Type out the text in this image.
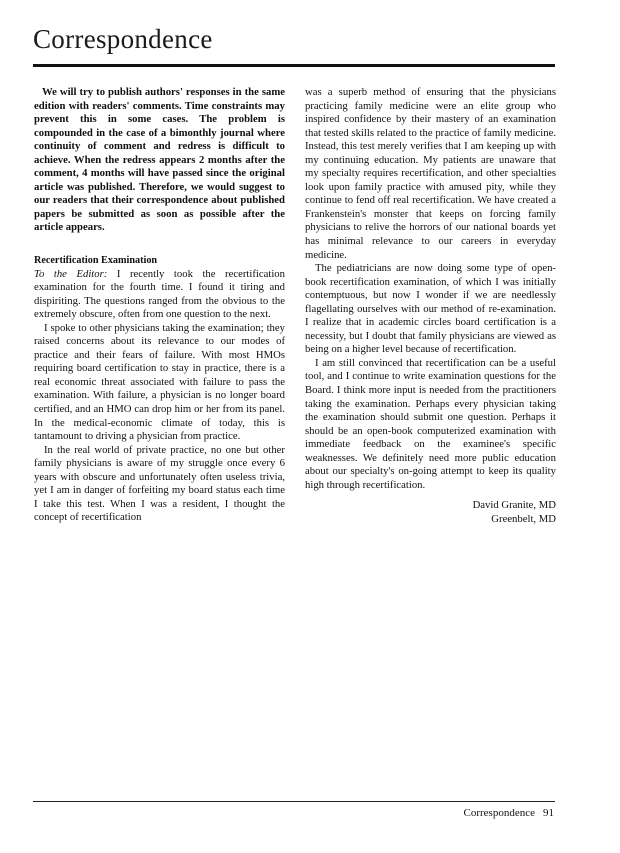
Correspondence

We will try to publish authors' responses in the same edition with readers' comments. Time constraints may prevent this in some cases. The problem is compounded in the case of a bimonthly journal where continuity of comment and redress is difficult to achieve. When the redress appears 2 months after the comment, 4 months will have passed since the original article was published. Therefore, we would suggest to our readers that their correspondence about published papers be submitted as soon as possible after the article appears.

Recertification Examination

To the Editor: I recently took the recertification examination for the fourth time. I found it tiring and dispiriting. The questions ranged from the obvious to the extremely obscure, often from one question to the next.

I spoke to other physicians taking the examination; they raised concerns about its relevance to our modes of practice and their fears of failure. With most HMOs requiring board certification to stay in practice, there is a real economic threat associated with failure to pass the examination. With failure, a physician is no longer board certified, and an HMO can drop him or her from its panel. In the medical-economic climate of today, this is tantamount to driving a physician from practice.

In the real world of private practice, no one but other family physicians is aware of my struggle once every 6 years with obscure and unfortunately often useless trivia, yet I am in danger of forfeiting my board status each time I take this test. When I was a resident, I thought the concept of recertification

was a superb method of ensuring that the physicians practicing family medicine were an elite group who inspired confidence by their mastery of an examination that tested skills related to the practice of family medicine. Instead, this test merely verifies that I am keeping up with my continuing education. My patients are unaware that my specialty requires recertification, and other specialties look upon family practice with amused pity, while they continue to fend off real recertification. We have created a Frankenstein's monster that keeps on forcing family physicians to relive the horrors of our national boards yet has minimal relevance to our careers in everyday medicine.

The pediatricians are now doing some type of open-book recertification examination, of which I was initially contemptuous, but now I wonder if we are needlessly flagellating ourselves with our method of re-examination. I realize that in academic circles board certification is a necessity, but I doubt that family physicians are viewed as being on a higher level because of recertification.

I am still convinced that recertification can be a useful tool, and I continue to write examination questions for the Board. I think more input is needed from the practitioners taking the examination. Perhaps every physician taking the examination should submit one question. Perhaps it should be an open-book computerized examination with immediate feedback on the examinee's specific weaknesses. We definitely need more public education about our specialty's on-going attempt to keep its quality high through recertification.

David Granite, MD

Greenbelt, MD

Correspondence 91
